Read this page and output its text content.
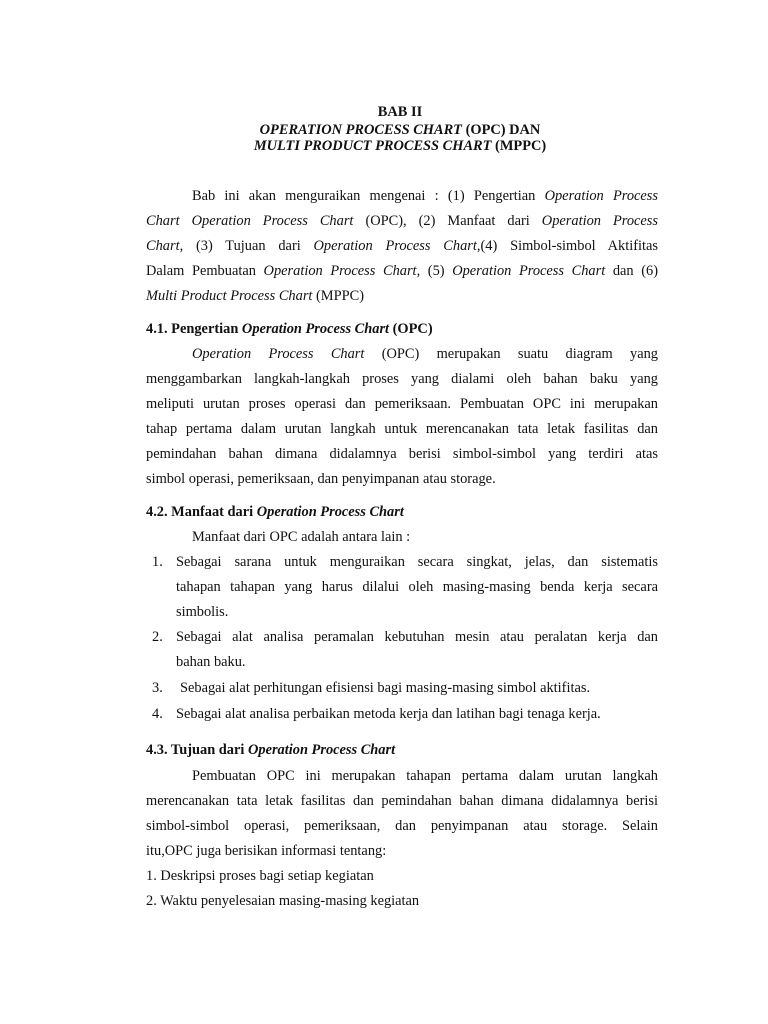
BAB II
OPERATION PROCESS CHART (OPC) DAN
MULTI PRODUCT PROCESS CHART (MPPC)
Bab ini akan menguraikan mengenai : (1) Pengertian Operation Process
Chart Operation Process Chart (OPC), (2) Manfaat dari Operation Process
Chart, (3) Tujuan dari Operation Process Chart,(4) Simbol-simbol Aktifitas
Dalam Pembuatan Operation Process Chart, (5) Operation Process Chart dan (6)
Multi Product Process Chart (MPPC)
4.1. Pengertian Operation Process Chart (OPC)
Operation Process Chart (OPC) merupakan suatu diagram yang
menggambarkan langkah-langkah proses yang dialami oleh bahan baku yang
meliputi urutan proses operasi dan pemeriksaan. Pembuatan OPC ini merupakan
tahap pertama dalam urutan langkah untuk merencanakan tata letak fasilitas dan
pemindahan bahan dimana didalamnya berisi simbol-simbol yang terdiri atas
simbol operasi, pemeriksaan, dan penyimpanan atau storage.
4.2. Manfaat dari Operation Process Chart
Manfaat dari OPC adalah antara lain :
1. Sebagai sarana untuk menguraikan secara singkat, jelas, dan sistematis
tahapan tahapan yang harus dilalui oleh masing-masing benda kerja secara
simbolis.
2. Sebagai alat analisa peramalan kebutuhan mesin atau peralatan kerja dan
bahan baku.
3.	Sebagai alat perhitungan efisiensi bagi masing-masing simbol aktifitas.
4. Sebagai alat analisa perbaikan metoda kerja dan latihan bagi tenaga kerja.
4.3. Tujuan dari Operation Process Chart
Pembuatan OPC ini merupakan tahapan pertama dalam urutan langkah
merencanakan tata letak fasilitas dan pemindahan bahan dimana didalamnya berisi
simbol-simbol operasi, pemeriksaan, dan penyimpanan atau storage. Selain
itu,OPC juga berisikan informasi tentang:
1. Deskripsi proses bagi setiap kegiatan
2. Waktu penyelesaian masing-masing kegiatan
